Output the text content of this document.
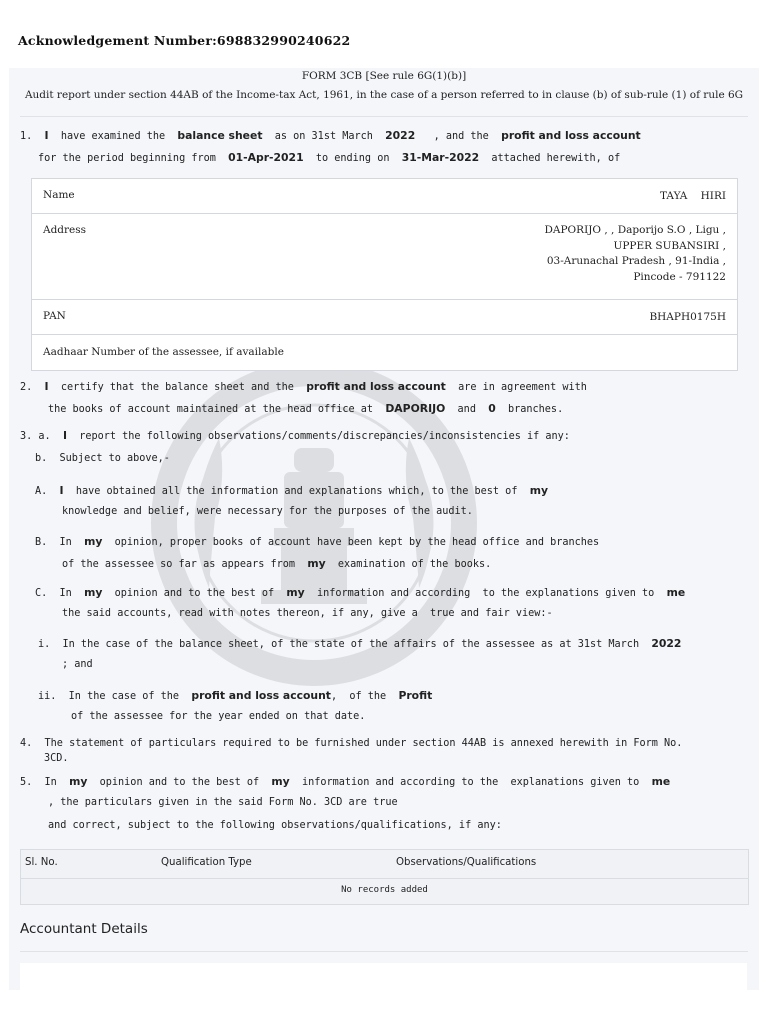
Acknowledgement Number:698832990240622
FORM 3CB [See rule 6G(1)(b)]
Audit report under section 44AB of the Income-tax Act, 1961, in the case of a person referred to in clause (b) of sub-rule (1) of rule 6G
1.  I  have examined the  balance sheet  as on 31st March  2022   , and the  profit and loss account
for the period beginning from  01-Apr-2021  to ending on  31-Mar-2022  attached herewith, of
Name	TAYA    HIRI
Address	DAPORIJO , , Daporijo S.O , Ligu ,
UPPER SUBANSIRI ,
03-Arunachal Pradesh , 91-India ,
Pincode - 791122
PAN	BHAPH0175H
Aadhaar Number of the assessee, if available
2.  I  certify that the balance sheet and the  profit and loss account  are in agreement with
the books of account maintained at the head office at  DAPORIJO  and  0  branches.
3. a.  I  report the following observations/comments/discrepancies/inconsistencies if any:
b.  Subject to above,-
A.  I  have obtained all the information and explanations which, to the best of  my
knowledge and belief, were necessary for the purposes of the audit.
B.  In  my  opinion, proper books of account have been kept by the head office and branches
of the assessee so far as appears from  my  examination of the books.
C.  In  my  opinion and to the best of  my  information and according  to the explanations given to  me
the said accounts, read with notes thereon, if any, give a  true and fair view:-
i.  In the case of the balance sheet, of the state of the affairs of the assessee as at 31st March  2022
; and
ii.  In the case of the  profit and loss account,  of the  Profit
of the assessee for the year ended on that date.
4.  The statement of particulars required to be furnished under section 44AB is annexed herewith in Form No.
3CD.
5.  In  my  opinion and to the best of  my  information and according to the  explanations given to  me
, the particulars given in the said Form No. 3CD are true
and correct, subject to the following observations/qualifications, if any:
Sl. No.	Qualification Type	Observations/Qualifications
No records added
Accountant Details
